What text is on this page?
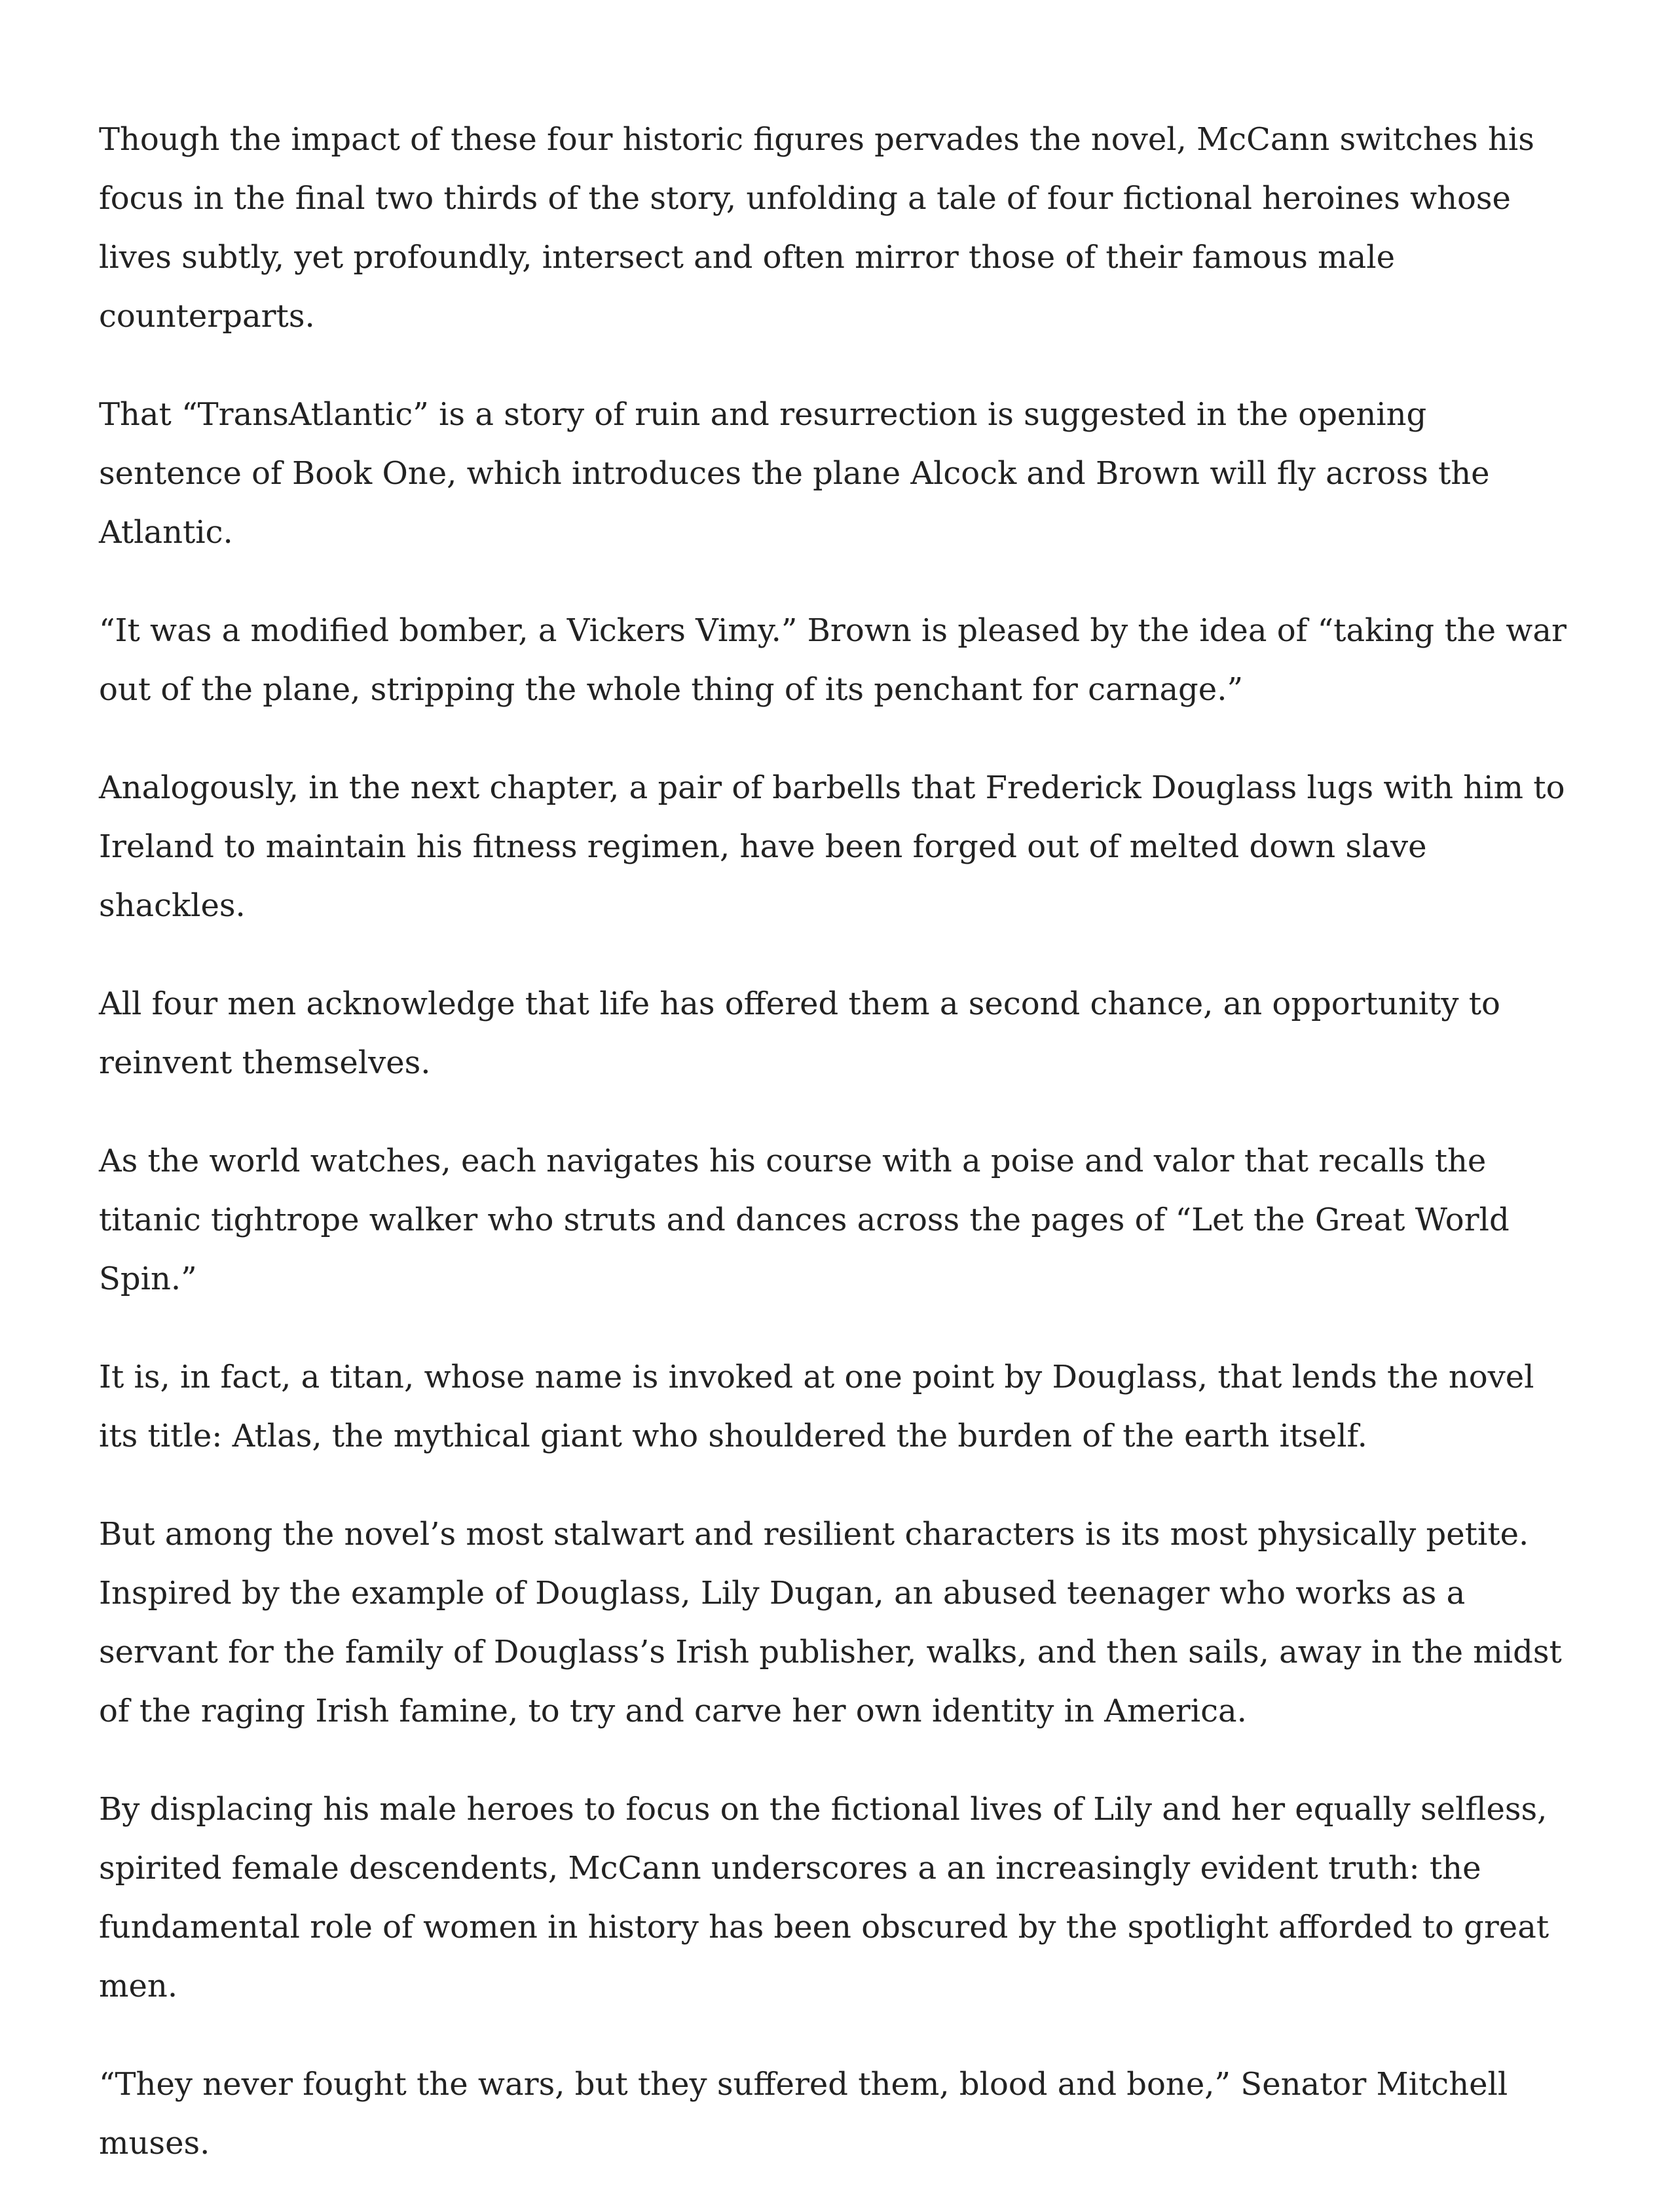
Though the impact of these four historic figures pervades the novel, McCann switches his focus in the final two thirds of the story, unfolding a tale of four fictional heroines whose lives subtly, yet profoundly, intersect and often mirror those of their famous male counterparts.

That “TransAtlantic” is a story of ruin and resurrection is suggested in the opening sentence of Book One, which introduces the plane Alcock and Brown will fly across the Atlantic.

“It was a modified bomber, a Vickers Vimy.” Brown is pleased by the idea of “taking the war out of the plane, stripping the whole thing of its penchant for carnage.”

Analogously, in the next chapter, a pair of barbells that Frederick Douglass lugs with him to Ireland to maintain his fitness regimen, have been forged out of melted down slave shackles.

All four men acknowledge that life has offered them a second chance, an opportunity to reinvent themselves.

As the world watches, each navigates his course with a poise and valor that recalls the titanic tightrope walker who struts and dances across the pages of “Let the Great World Spin.”

It is, in fact, a titan, whose name is invoked at one point by Douglass, that lends the novel its title: Atlas, the mythical giant who shouldered the burden of the earth itself.

But among the novel’s most stalwart and resilient characters is its most physically petite. Inspired by the example of Douglass, Lily Dugan, an abused teenager who works as a servant for the family of Douglass’s Irish publisher, walks, and then sails, away in the midst of the raging Irish famine, to try and carve her own identity in America.

By displacing his male heroes to focus on the fictional lives of Lily and her equally selfless, spirited female descendents, McCann underscores a an increasingly evident truth: the fundamental role of women in history has been obscured by the spotlight afforded to great men.

“They never fought the wars, but they suffered them, blood and bone,” Senator Mitchell muses.
